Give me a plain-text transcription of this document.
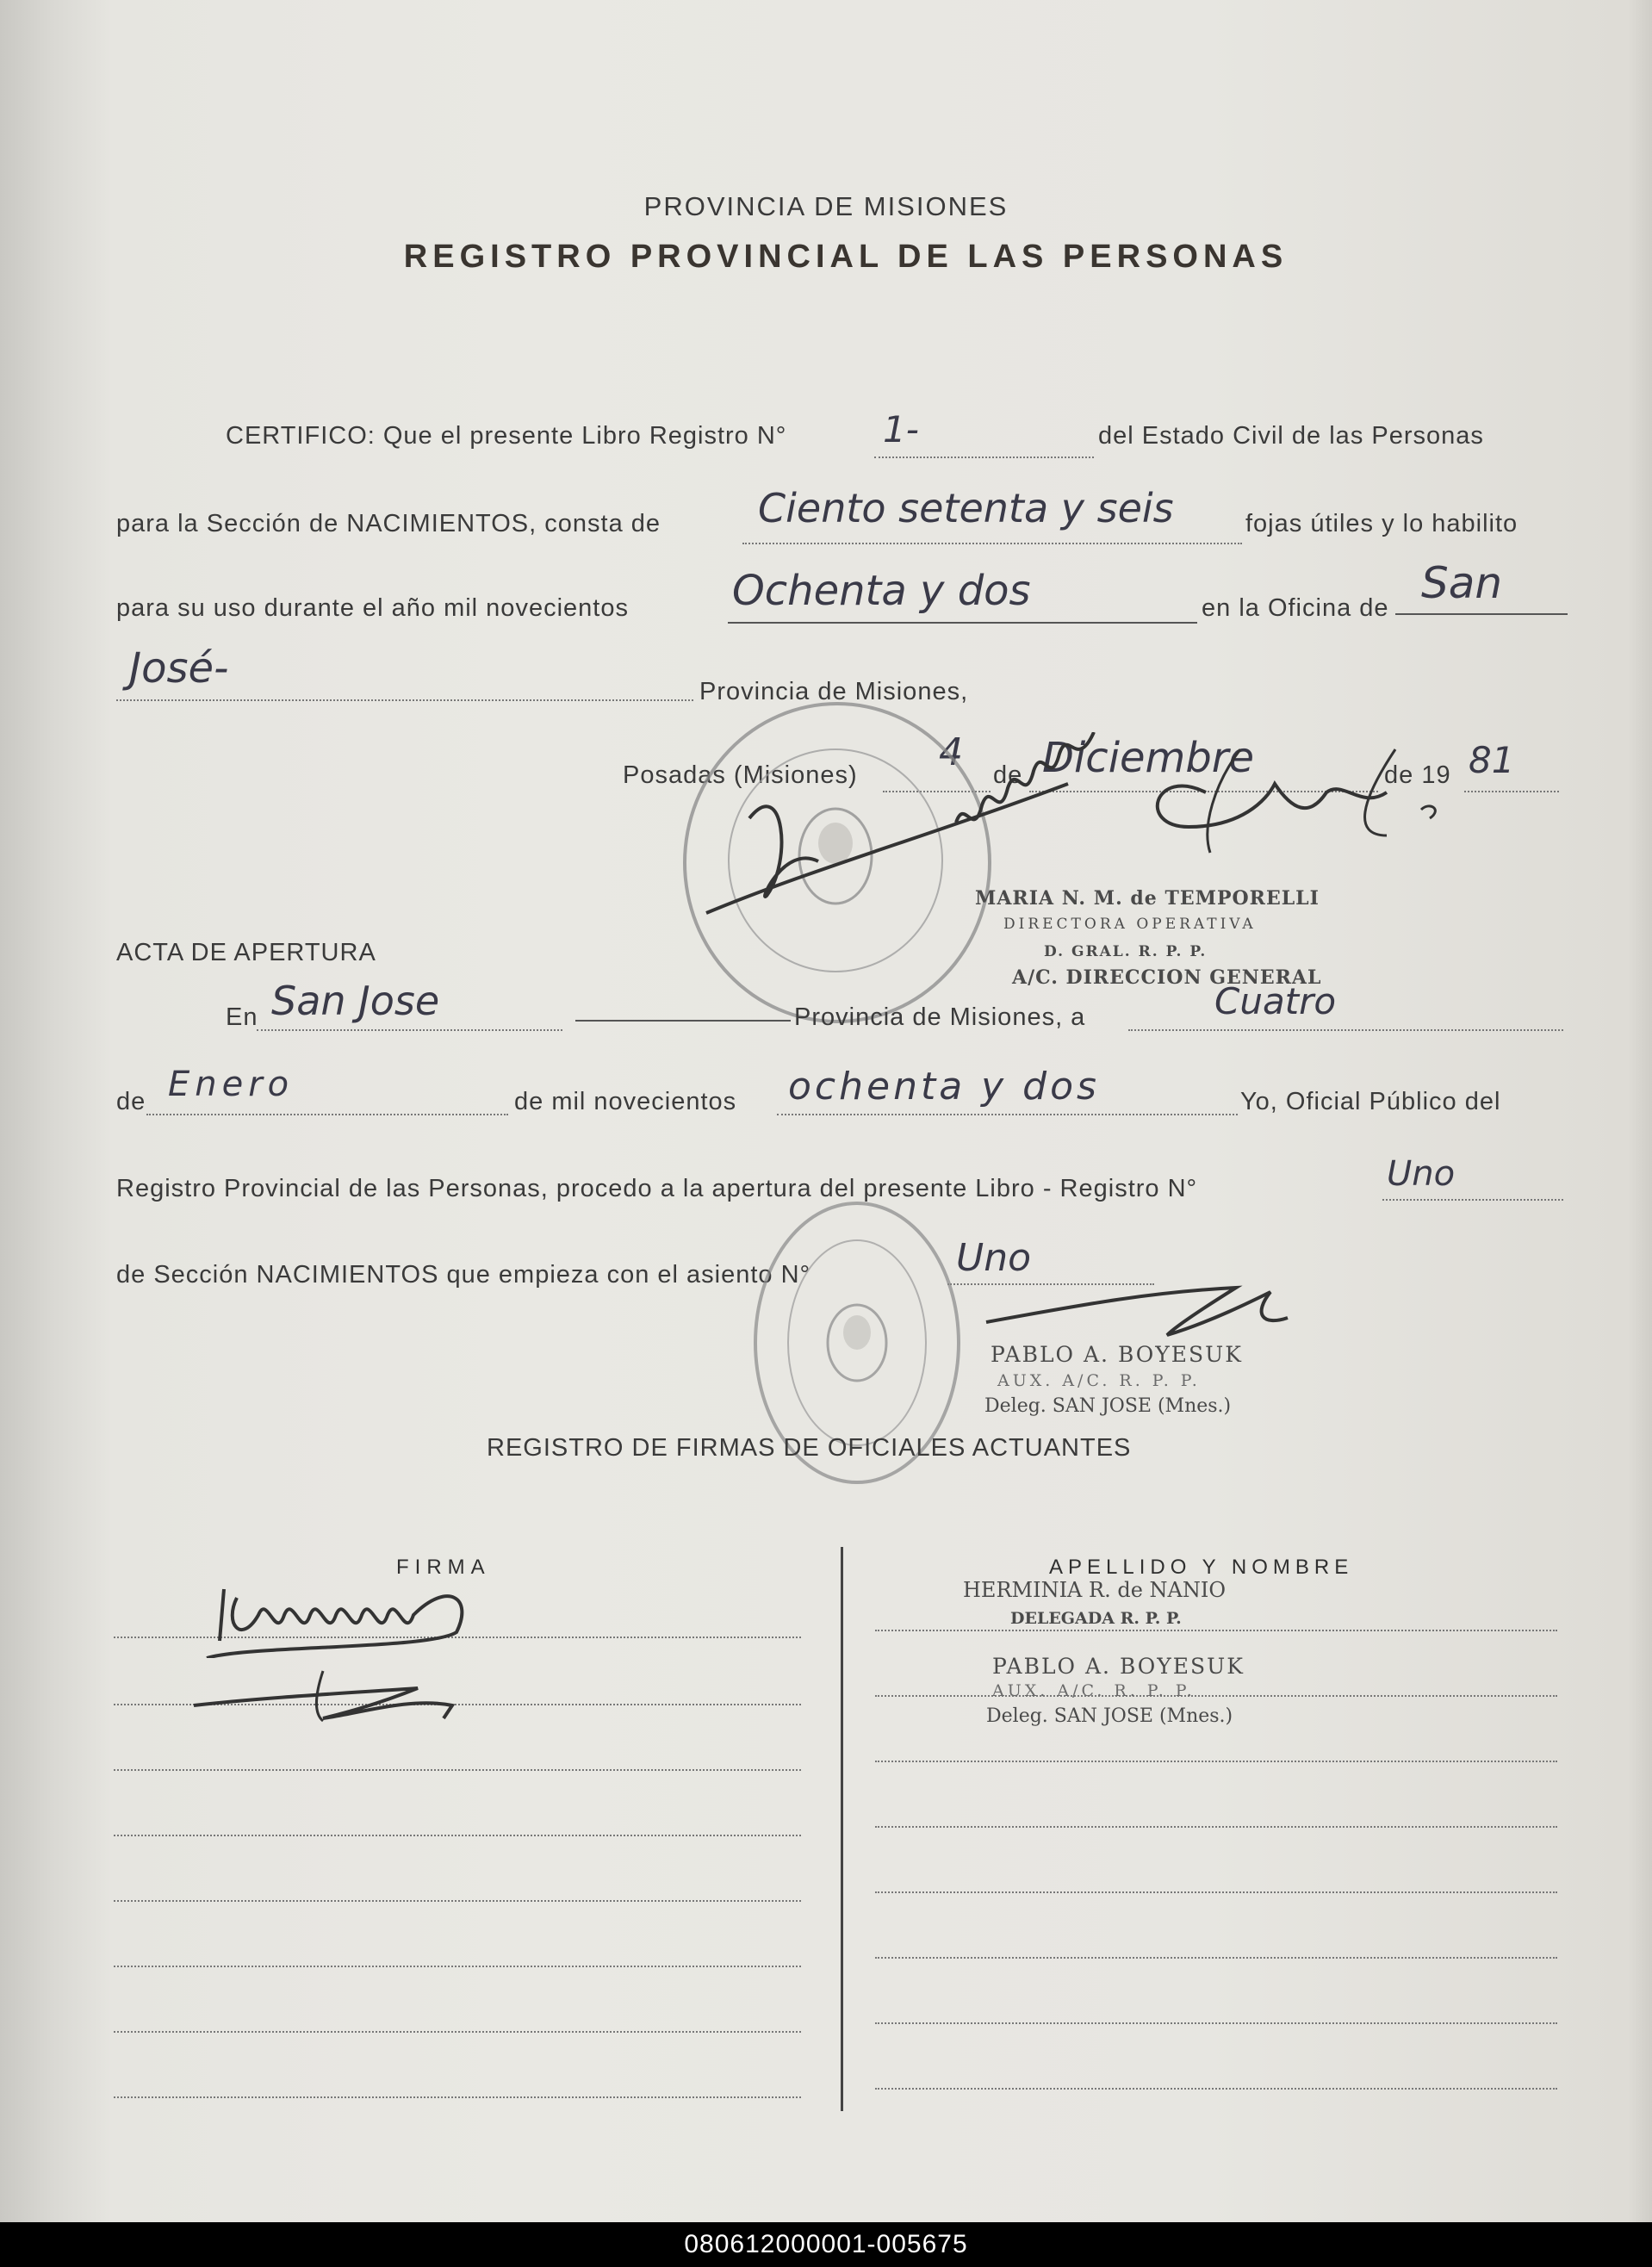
PROVINCIA DE MISIONES
REGISTRO PROVINCIAL DE LAS PERSONAS
CERTIFICO: Que el presente Libro Registro N°	1-	del Estado Civil de las Personas
para la Sección de NACIMIENTOS, consta de Ciento setenta y seis	fojas útiles y lo habilito
para su uso durante el año mil novecientos	Ochenta y dos	en la Oficina de San
José-	Provincia de Misiones,
Posadas (Misiones)
4
de Diciembre	de 19 81
MARIA N. M. de TEMPORELLI
DIRECTORA OPERATIVA
D. GRAL. R. P. P.
A/C. DIRECCION GENERAL
ACTA DE APERTURA
En San Jose	Provincia de Misiones, a	Cuatro
de Enero	de mil novecientos ochenta y dos	Yo, Oficial Público del
Registro Provincial de las Personas, procedo a la apertura del presente Libro - Registro N°	Uno
de Sección NACIMIENTOS que empieza con el asiento N°	Uno
PABLO A. BOYESUK
AUX. A/C. R. P. P.
Deleg. SAN JOSE (Mnes.)
REGISTRO DE FIRMAS DE OFICIALES ACTUANTES
FIRMA	APELLIDO Y NOMBRE
HERMINIA R. de NANIO
DELEGADA R. P. P.
PABLO A. BOYESUK
AUX. A/C. R. P. P.
Deleg. SAN JOSE (Mnes.)
080612000001-005675
